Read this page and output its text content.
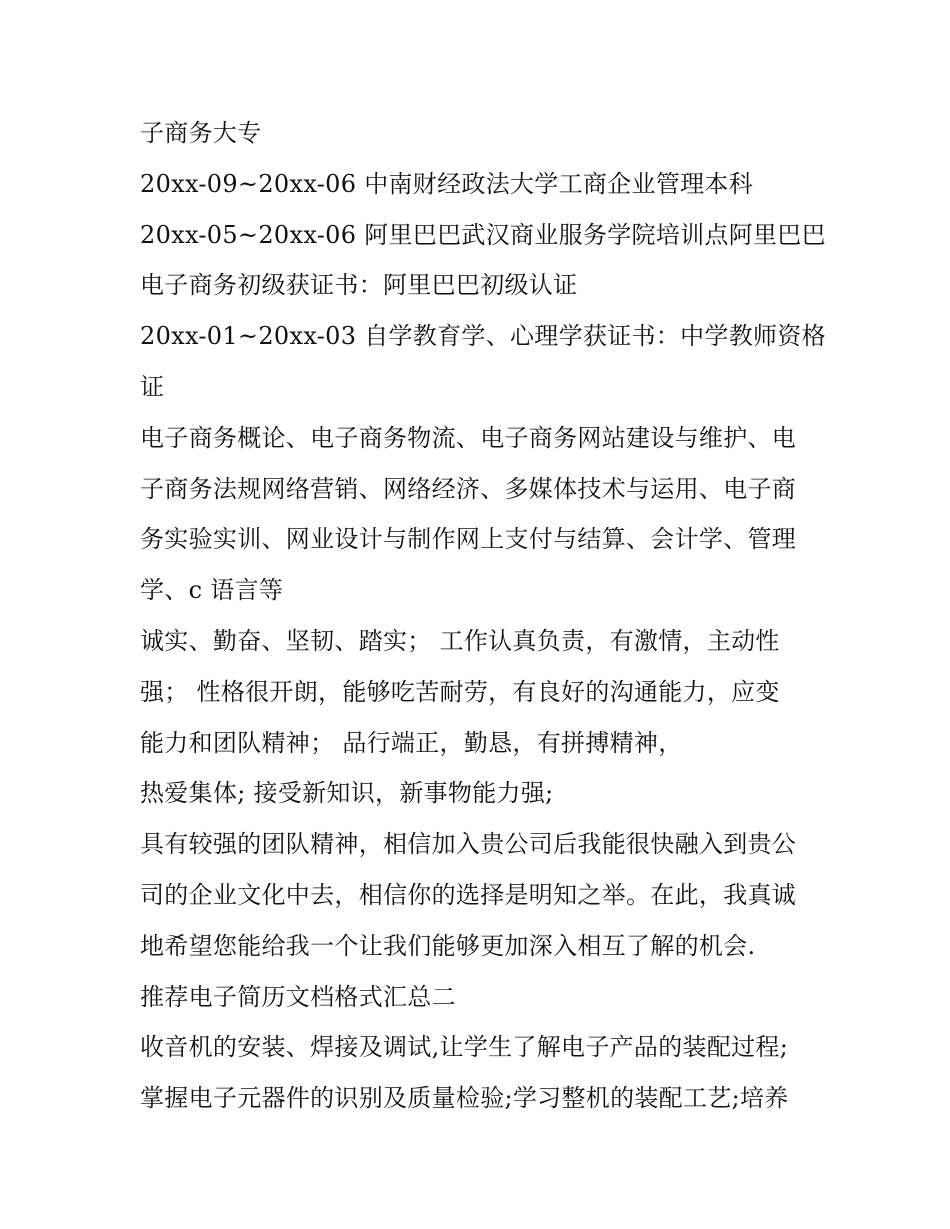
子商务大专
20xx-09~20xx-06 中南财经政法大学工商企业管理本科
20xx-05~20xx-06 阿里巴巴武汉商业服务学院培训点阿里巴巴
电子商务初级获证书：阿里巴巴初级认证
20xx-01~20xx-03 自学教育学、心理学获证书：中学教师资格
证
电子商务概论、电子商务物流、电子商务网站建设与维护、电
子商务法规网络营销、网络经济、多媒体技术与运用、电子商
务实验实训、网业设计与制作网上支付与结算、会计学、管理
学、c 语言等
诚实、勤奋、坚韧、踏实； 工作认真负责，有激情，主动性
强； 性格很开朗，能够吃苦耐劳，有良好的沟通能力，应变
能力和团队精神； 品行端正，勤恳，有拼搏精神，
热爱集体; 接受新知识，新事物能力强;
具有较强的团队精神，相信加入贵公司后我能很快融入到贵公
司的企业文化中去，相信你的选择是明知之举。在此，我真诚
地希望您能给我一个让我们能够更加深入相互了解的机会.
推荐电子简历文档格式汇总二
收音机的安装、焊接及调试,让学生了解电子产品的装配过程;
掌握电子元器件的识别及质量检验;学习整机的装配工艺;培养
